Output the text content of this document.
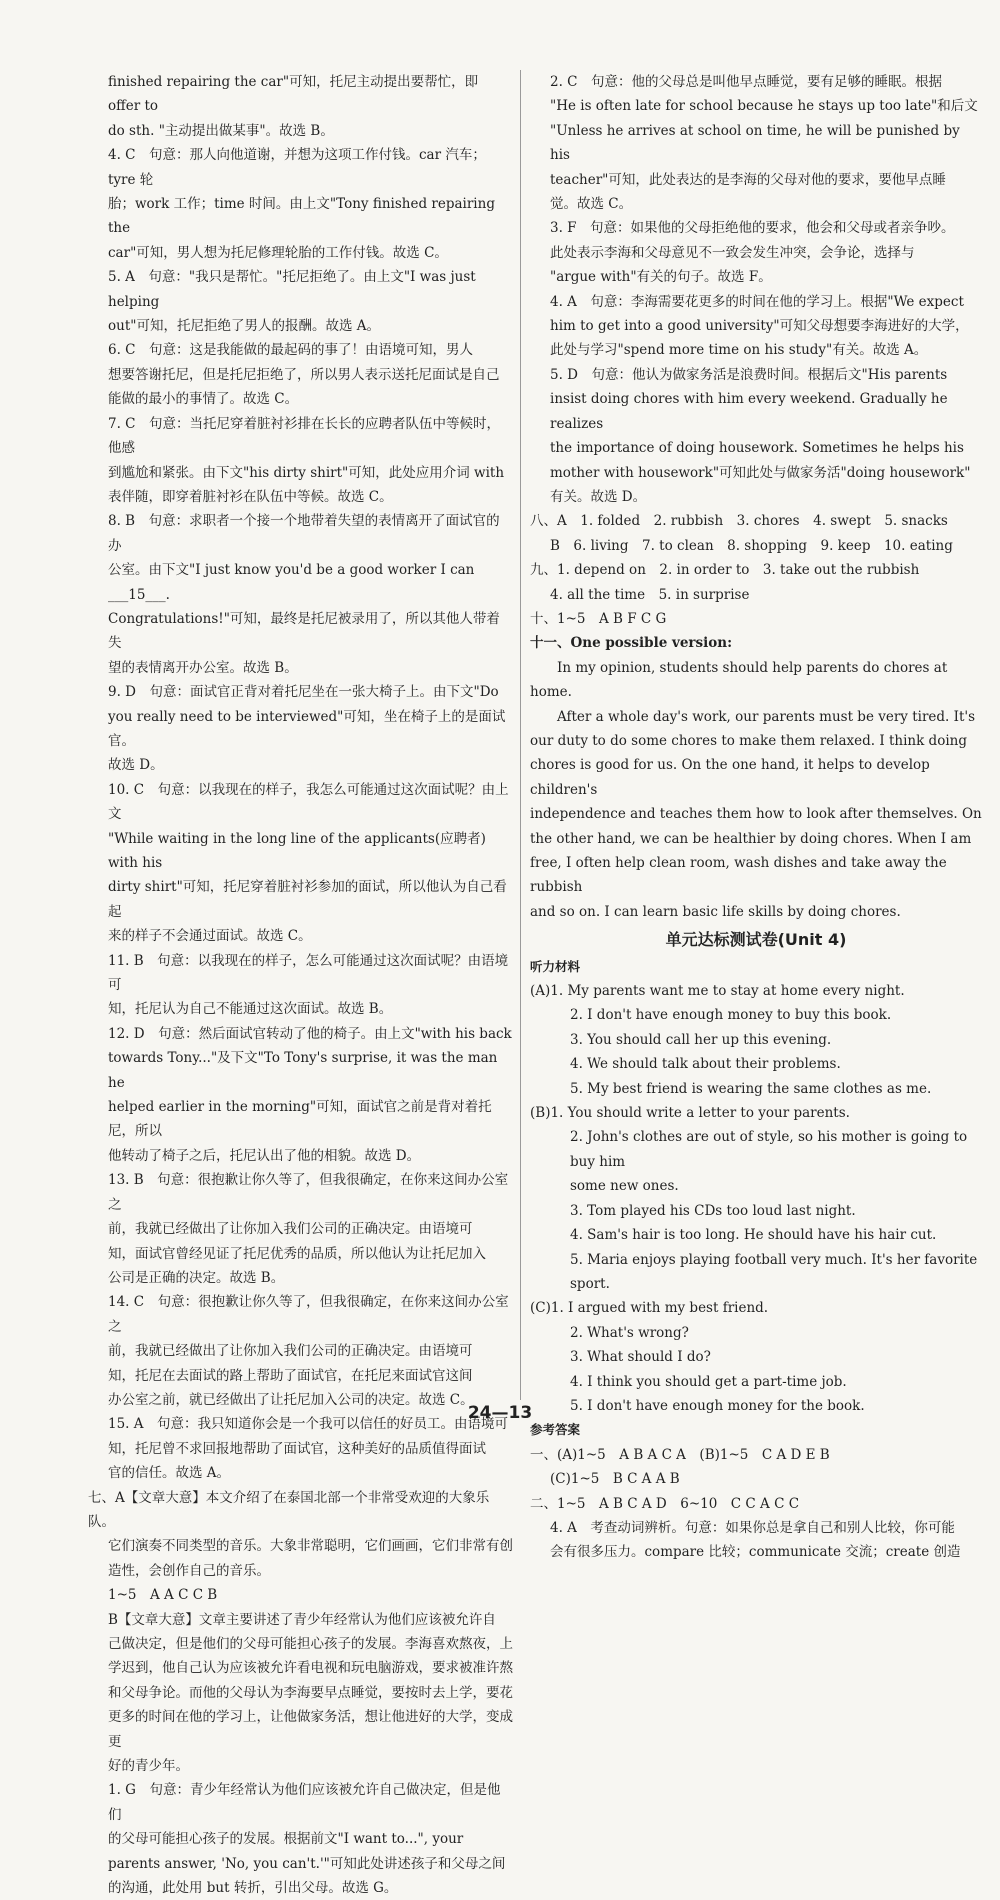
finished repairing the car"可知，托尼主动提出要帮忙，即 offer to

do sth. "主动提出做某事"。故选 B。

4. C　句意：那人向他道谢，并想为这项工作付钱。car 汽车；tyre 轮

胎；work 工作；time 时间。由上文"Tony finished repairing the

car"可知，男人想为托尼修理轮胎的工作付钱。故选 C。

5. A　句意："我只是帮忙。"托尼拒绝了。由上文"I was just helping

out"可知，托尼拒绝了男人的报酬。故选 A。

6. C　句意：这是我能做的最起码的事了！由语境可知，男人

想要答谢托尼，但是托尼拒绝了，所以男人表示送托尼面试是自己

能做的最小的事情了。故选 C。

7. C　句意：当托尼穿着脏衬衫排在长长的应聘者队伍中等候时，他感

到尴尬和紧张。由下文"his dirty shirt"可知，此处应用介词 with

表伴随，即穿着脏衬衫在队伍中等候。故选 C。

8. B　句意：求职者一个接一个地带着失望的表情离开了面试官的办

公室。由下文"I just know you'd be a good worker I can ___15___.

Congratulations!"可知，最终是托尼被录用了，所以其他人带着失

望的表情离开办公室。故选 B。

9. D　句意：面试官正背对着托尼坐在一张大椅子上。由下文"Do

you really need to be interviewed"可知，坐在椅子上的是面试官。

故选 D。

10. C　句意：以我现在的样子，我怎么可能通过这次面试呢？由上文

"While waiting in the long line of the applicants(应聘者) with his

dirty shirt"可知，托尼穿着脏衬衫参加的面试，所以他认为自己看起

来的样子不会通过面试。故选 C。

11. B　句意：以我现在的样子，怎么可能通过这次面试呢？由语境可

知，托尼认为自己不能通过这次面试。故选 B。

12. D　句意：然后面试官转动了他的椅子。由上文"with his back

towards Tony..."及下文"To Tony's surprise, it was the man he

helped earlier in the morning"可知，面试官之前是背对着托尼，所以

他转动了椅子之后，托尼认出了他的相貌。故选 D。

13. B　句意：很抱歉让你久等了，但我很确定，在你来这间办公室之

前，我就已经做出了让你加入我们公司的正确决定。由语境可

知，面试官曾经见证了托尼优秀的品质，所以他认为让托尼加入

公司是正确的决定。故选 B。

14. C　句意：很抱歉让你久等了，但我很确定，在你来这间办公室之

前，我就已经做出了让你加入我们公司的正确决定。由语境可

知，托尼在去面试的路上帮助了面试官，在托尼来面试官这间

办公室之前，就已经做出了让托尼加入公司的决定。故选 C。

15. A　句意：我只知道你会是一个我可以信任的好员工。由语境可

知，托尼曾不求回报地帮助了面试官，这种美好的品质值得面试

官的信任。故选 A。

七、A【文章大意】本文介绍了在泰国北部一个非常受欢迎的大象乐队。

它们演奏不同类型的音乐。大象非常聪明，它们画画，它们非常有创

造性，会创作自己的音乐。

1~5　A A C C B

B【文章大意】文章主要讲述了青少年经常认为他们应该被允许自

己做决定，但是他们的父母可能担心孩子的发展。李海喜欢熬夜，上

学迟到，他自己认为应该被允许看电视和玩电脑游戏，要求被准许熬

和父母争论。而他的父母认为李海要早点睡觉，要按时去上学，要花

更多的时间在他的学习上，让他做家务活，想让他进好的大学，变成更

好的青少年。

1. G　句意：青少年经常认为他们应该被允许自己做决定，但是他们

的父母可能担心孩子的发展。根据前文"I want to...", your

parents answer, 'No, you can't.'"可知此处讲述孩子和父母之间

的沟通，此处用 but 转折，引出父母。故选 G。

2. C　句意：他的父母总是叫他早点睡觉，要有足够的睡眠。根据

"He is often late for school because he stays up too late"和后文

"Unless he arrives at school on time, he will be punished by his

teacher"可知，此处表达的是李海的父母对他的要求，要他早点睡

觉。故选 C。

3. F　句意：如果他的父母拒绝他的要求，他会和父母或者亲争吵。

此处表示李海和父母意见不一致会发生冲突，会争论，选择与

"argue with"有关的句子。故选 F。

4. A　句意：李海需要花更多的时间在他的学习上。根据"We expect

him to get into a good university"可知父母想要李海进好的大学，

此处与学习"spend more time on his study"有关。故选 A。

5. D　句意：他认为做家务活是浪费时间。根据后文"His parents

insist doing chores with him every weekend. Gradually he realizes

the importance of doing housework. Sometimes he helps his

mother with housework"可知此处与做家务活"doing housework"

有关。故选 D。

八、A　1. folded　2. rubbish　3. chores　4. swept　5. snacks

B　6. living　7. to clean　8. shopping　9. keep　10. eating

九、1. depend on　2. in order to　3. take out the rubbish

4. all the time　5. in surprise

十、1~5　A B F C G

十一、One possible version:

In my opinion, students should help parents do chores at home.

After a whole day's work, our parents must be very tired. It's

our duty to do some chores to make them relaxed. I think doing

chores is good for us. On the one hand, it helps to develop children's

independence and teaches them how to look after themselves. On

the other hand, we can be healthier by doing chores. When I am

free, I often help clean room, wash dishes and take away the rubbish

and so on. I can learn basic life skills by doing chores.

单元达标测试卷(Unit 4)

听力材料

(A)1. My parents want me to stay at home every night.

2. I don't have enough money to buy this book.

3. You should call her up this evening.

4. We should talk about their problems.

5. My best friend is wearing the same clothes as me.

(B)1. You should write a letter to your parents.

2. John's clothes are out of style, so his mother is going to buy him

some new ones.

3. Tom played his CDs too loud last night.

4. Sam's hair is too long. He should have his hair cut.

5. Maria enjoys playing football very much. It's her favorite sport.

(C)1. I argued with my best friend.

2. What's wrong?

3. What should I do?

4. I think you should get a part-time job.

5. I don't have enough money for the book.

参考答案

一、(A)1~5　A B A C A　(B)1~5　C A D E B

(C)1~5　B C A A B

二、1~5　A B C A D　6~10　C C A C C

4. A　考查动词辨析。句意：如果你总是拿自己和别人比较，你可能

会有很多压力。compare 比较；communicate 交流；create 创造

24—13
